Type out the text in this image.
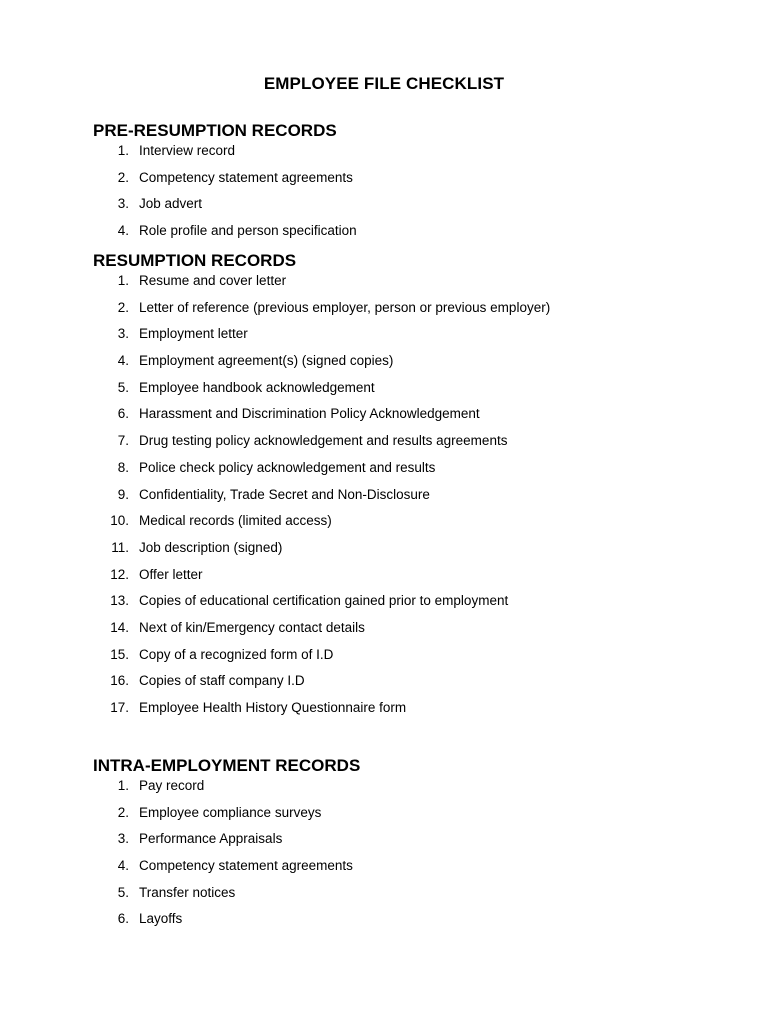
EMPLOYEE FILE CHECKLIST
PRE-RESUMPTION RECORDS
1. Interview record
2. Competency statement agreements
3. Job advert
4. Role profile and person specification
RESUMPTION RECORDS
1. Resume and cover letter
2. Letter of reference (previous employer, person or previous employer)
3. Employment letter
4. Employment agreement(s) (signed copies)
5. Employee handbook acknowledgement
6. Harassment and Discrimination Policy Acknowledgement
7. Drug testing policy acknowledgement and results agreements
8. Police check policy acknowledgement and results
9. Confidentiality, Trade Secret and Non-Disclosure
10. Medical records (limited access)
11. Job description (signed)
12. Offer letter
13. Copies of educational certification gained prior to employment
14. Next of kin/Emergency contact details
15. Copy of a recognized form of I.D
16. Copies of staff company I.D
17. Employee Health History Questionnaire form
INTRA-EMPLOYMENT RECORDS
1. Pay record
2. Employee compliance surveys
3. Performance Appraisals
4. Competency statement agreements
5. Transfer notices
6. Layoffs
